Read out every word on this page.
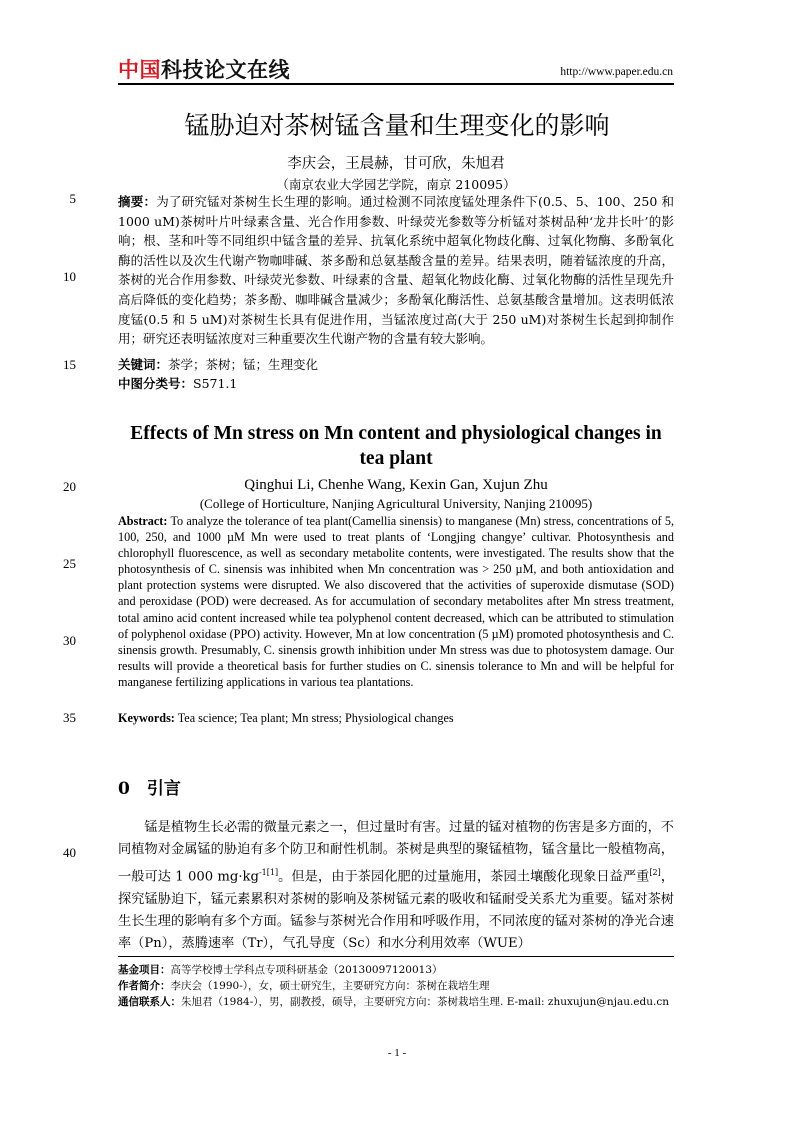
中国科技论文在线	http://www.paper.edu.cn
锰胁迫对茶树锰含量和生理变化的影响
李庆会，王晨赫，甘可欣，朱旭君
（南京农业大学园艺学院，南京 210095）
摘要：为了研究锰对茶树生长生理的影响。通过检测不同浓度锰处理条件下(0.5、5、100、250 和 1000 uM)茶树叶片叶绿素含量、光合作用参数、叶绿荧光参数等分析锰对茶树品种‘龙井长叶’的影响；根、茎和叶等不同组织中锰含量的差异、抗氧化系统中超氧化物歧化酶、过氧化物酶、多酚氧化酶的活性以及次生代谢产物咖啡碱、茶多酚和总氨基酸含量的差异。结果表明，随着锰浓度的升高，茶树的光合作用参数、叶绿荧光参数、叶绿素的含量、超氧化物歧化酶、过氧化物酶的活性呈现先升高后降低的变化趋势；茶多酚、咖啡碱含量减少；多酚氧化酶活性、总氨基酸含量增加。这表明低浓度锰(0.5 和 5 uM)对茶树生长具有促进作用，当锰浓度过高(大于 250 uM)对茶树生长起到抑制作用；研究还表明锰浓度对三种重要次生代谢产物的含量有较大影响。
关键词：茶学；茶树；锰；生理变化
中图分类号：S571.1
Effects of Mn stress on Mn content and physiological changes in tea plant
Qinghui Li, Chenhe Wang, Kexin Gan, Xujun Zhu
(College of Horticulture, Nanjing Agricultural University, Nanjing 210095)
Abstract: To analyze the tolerance of tea plant(Camellia sinensis) to manganese (Mn) stress, concentrations of 5, 100, 250, and 1000 µM Mn were used to treat plants of ‘Longjing changye’ cultivar. Photosynthesis and chlorophyll fluorescence, as well as secondary metabolite contents, were investigated. The results show that the photosynthesis of C. sinensis was inhibited when Mn concentration was > 250 µM, and both antioxidation and plant protection systems were disrupted. We also discovered that the activities of superoxide dismutase (SOD) and peroxidase (POD) were decreased. As for accumulation of secondary metabolites after Mn stress treatment, total amino acid content increased while tea polyphenol content decreased, which can be attributed to stimulation of polyphenol oxidase (PPO) activity. However, Mn at low concentration (5 µM) promoted photosynthesis and C. sinensis growth. Presumably, C. sinensis growth inhibition under Mn stress was due to photosystem damage. Our results will provide a theoretical basis for further studies on C. sinensis tolerance to Mn and will be helpful for manganese fertilizing applications in various tea plantations.
Keywords: Tea science; Tea plant; Mn stress; Physiological changes
0　引言
锰是植物生长必需的微量元素之一，但过量时有害。过量的锰对植物的伤害是多方面的，不同植物对金属锰的胁迫有多个防卫和耐性机制。茶树是典型的聚锰植物，锰含量比一般植物高，一般可达 1 000 $mg\cdot kg^{-1[1]}$。但是，由于茶园化肥的过量施用，茶园土壤酸化现象日益严重[2]，探究锰胁迫下，锰元素累积对茶树的影响及茶树锰元素的吸收和锰耐受关系尤为重要。锰对茶树生长生理的影响有多个方面。锰参与茶树光合作用和呼吸作用，不同浓度的锰对茶树的净光合速率（Pn），蒸腾速率（Tr），气孔导度（Sc）和水分利用效率（WUE）
基金项目：高等学校博士学科点专项科研基金（20130097120013）
作者简介：李庆会（1990-），女，硕士研究生，主要研究方向：茶树在栽培生理
通信联系人：朱旭君（1984-），男，副教授，硕导，主要研究方向：茶树栽培生理. E-mail: zhuxujun@njau.edu.cn
5
10
15
20
25
30
35
40
- 1 -
